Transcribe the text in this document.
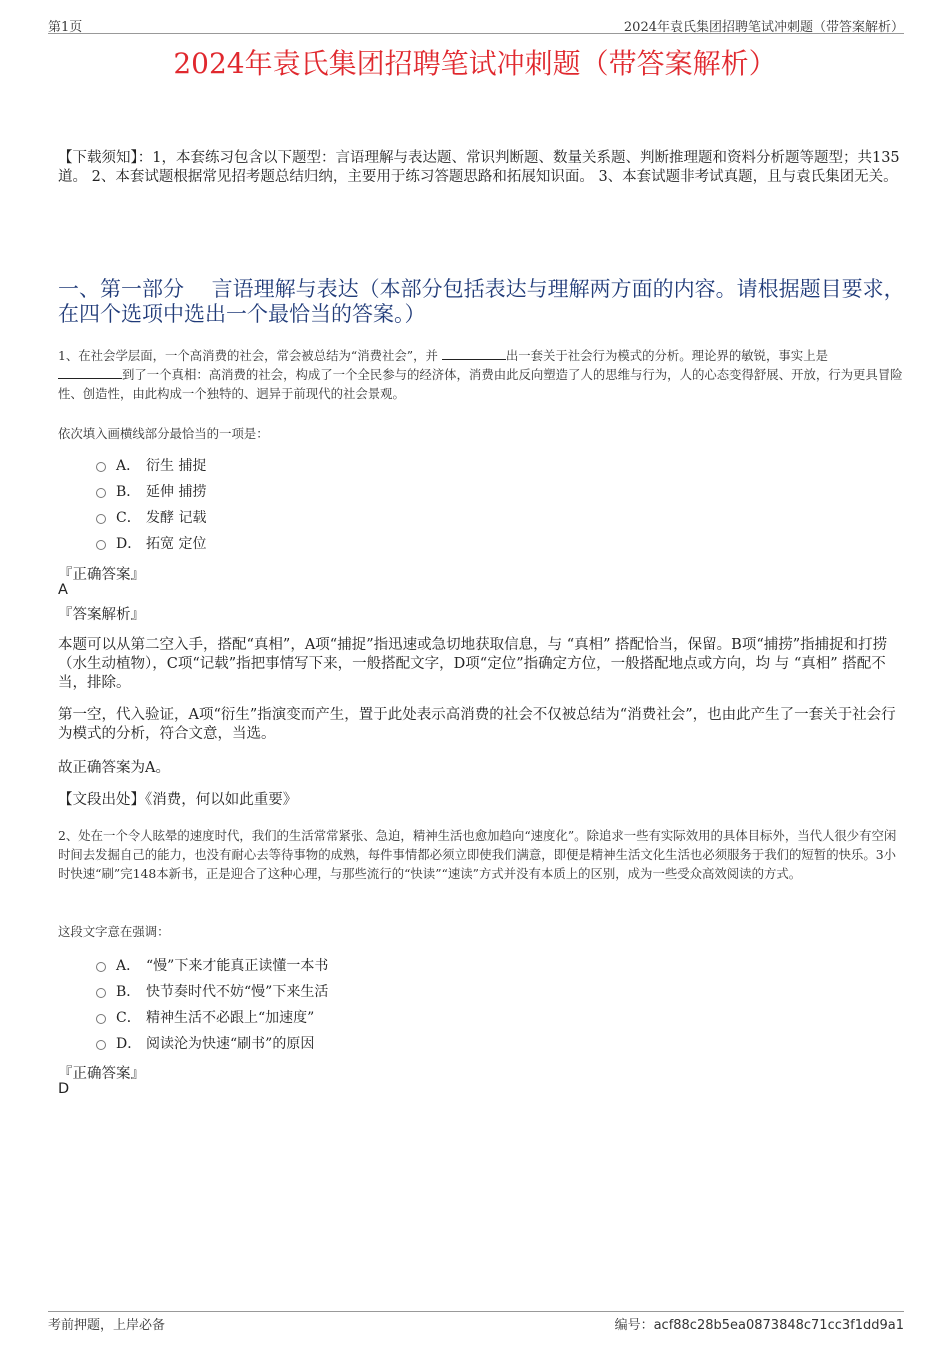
第1页	2024年袁氏集团招聘笔试冲刺题（带答案解析）
2024年袁氏集团招聘笔试冲刺题（带答案解析）
【下载须知】：1，本套练习包含以下题型：言语理解与表达题、常识判断题、数量关系题、判断推理题和资料分析题等题型；共135道。 2、本套试题根据常见招考题总结归纳，主要用于练习答题思路和拓展知识面。 3、本套试题非考试真题，且与袁氏集团无关。
一、第一部分　 言语理解与表达（本部分包括表达与理解两方面的内容。请根据题目要求，在四个选项中选出一个最恰当的答案。）
1、在社会学层面，一个高消费的社会，常会被总结为“消费社会”，并	出一套关于社会行为模式的分析。理论界的敏锐，事实上是
到了一个真相：高消费的社会，构成了一个全民参与的经济体，消费由此反向塑造了人的思维与行为，人的心态变得舒展、开放，行为更具冒险性、创造性，由此构成一个独特的、迥异于前现代的社会景观。
依次填入画横线部分最恰当的一项是：
A． 衍生 捕捉
B． 延伸 捕捞
C． 发酵 记载
D． 拓宽 定位
『正确答案』
A
『答案解析』
本题可以从第二空入手，搭配“真相”，A项“捕捉”指迅速或急切地获取信息，与 “真相” 搭配恰当，保留。B项“捕捞”指捕捉和打捞（水生动植物），C项“记载”指把事情写下来，一般搭配文字，D项“定位”指确定方位，一般搭配地点或方向，均 与 “真相” 搭配不当，排除。
第一空，代入验证，A项“衍生”指演变而产生，置于此处表示高消费的社会不仅被总结为“消费社会”，也由此产生了一套关于社会行为模式的分析，符合文意，当选。
故正确答案为A。
【文段出处】《消费，何以如此重要》
2、处在一个令人眩晕的速度时代，我们的生活常常紧张、急迫，精神生活也愈加趋向“速度化”。除追求一些有实际效用的具体目标外，当代人很少有空闲时间去发掘自己的能力，也没有耐心去等待事物的成熟，每件事情都必须立即使我们满意，即便是精神生活文化生活也必须服务于我们的短暂的快乐。3小时快速“刷”完148本新书，正是迎合了这种心理，与那些流行的“快读”“速读”方式并没有本质上的区别，成为一些受众高效阅读的方式。
这段文字意在强调：
A． “慢”下来才能真正读懂一本书
B． 快节奏时代不妨“慢”下来生活
C． 精神生活不必跟上“加速度”
D． 阅读沦为快速“刷书”的原因
『正确答案』
D
考前押题，上岸必备	编号：acf88c28b5ea0873848c71cc3f1dd9a1
